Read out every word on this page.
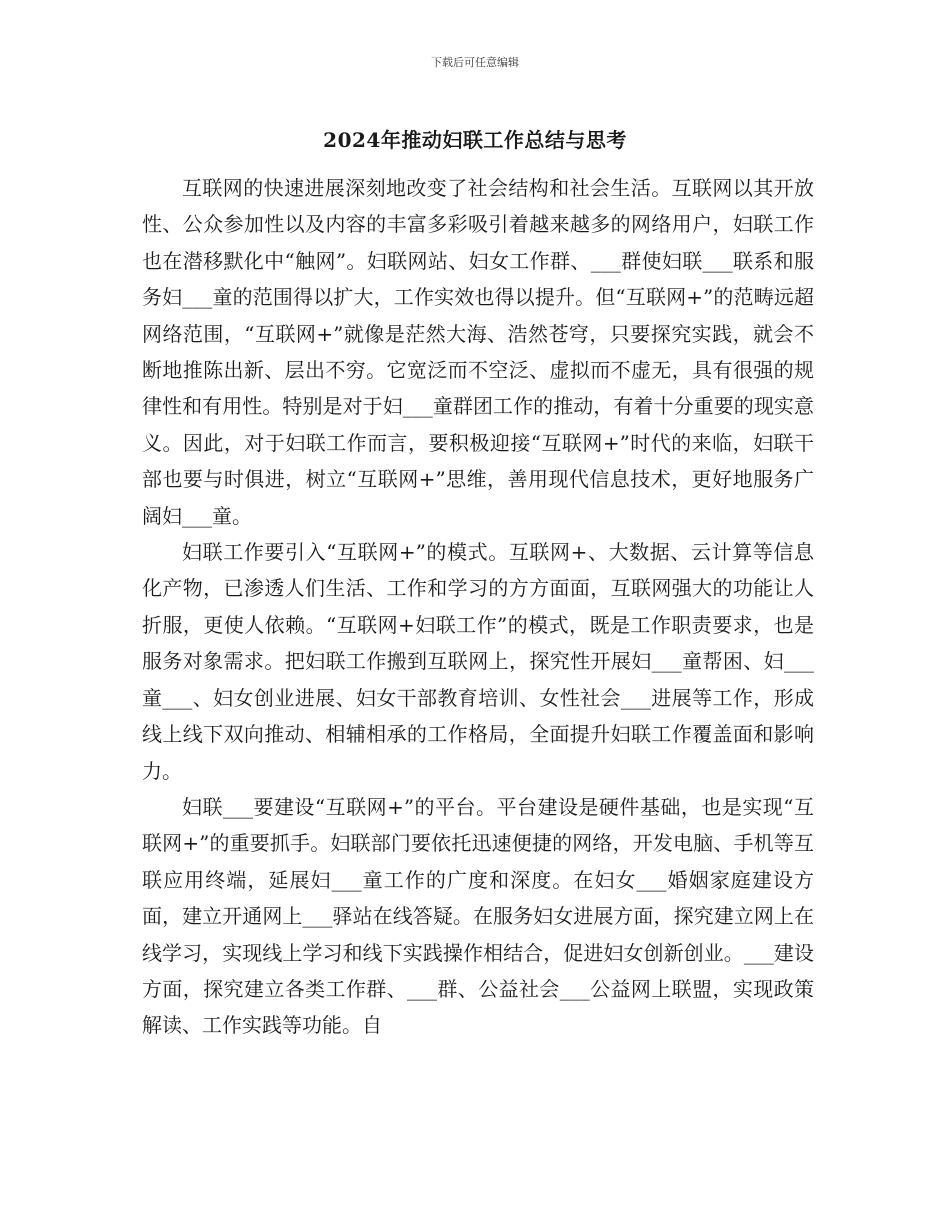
下载后可任意编辑
2024年推动妇联工作总结与思考

互联网的快速进展深刻地改变了社会结构和社会生活。互联网以其开放性、公众参加性以及内容的丰富多彩吸引着越来越多的网络用户，妇联工作也在潜移默化中“触网”。妇联网站、妇女工作群、___群使妇联___联系和服务妇___童的范围得以扩大，工作实效也得以提升。但“互联网+”的范畴远超网络范围，“互联网+”就像是茫然大海、浩然苍穹，只要探究实践，就会不断地推陈出新、层出不穷。它宽泛而不空泛、虚拟而不虚无，具有很强的规律性和有用性。特别是对于妇___童群团工作的推动，有着十分重要的现实意义。因此，对于妇联工作而言，要积极迎接“互联网+”时代的来临，妇联干部也要与时俱进，树立“互联网+”思维，善用现代信息技术，更好地服务广阔妇___童。

妇联工作要引入“互联网+”的模式。互联网+、大数据、云计算等信息化产物，已渗透人们生活、工作和学习的方方面面，互联网强大的功能让人折服，更使人依赖。“互联网+妇联工作”的模式，既是工作职责要求，也是服务对象需求。把妇联工作搬到互联网上，探究性开展妇___童帮困、妇___童___、妇女创业进展、妇女干部教育培训、女性社会___进展等工作，形成线上线下双向推动、相辅相承的工作格局，全面提升妇联工作覆盖面和影响力。

妇联___要建设“互联网+”的平台。平台建设是硬件基础，也是实现“互联网+”的重要抓手。妇联部门要依托迅速便捷的网络，开发电脑、手机等互联应用终端，延展妇___童工作的广度和深度。在妇女___婚姻家庭建设方面，建立开通网上___驿站在线答疑。在服务妇女进展方面，探究建立网上在线学习，实现线上学习和线下实践操作相结合，促进妇女创新创业。___建设方面，探究建立各类工作群、___群、公益社会___公益网上联盟，实现政策解读、工作实践等功能。自
